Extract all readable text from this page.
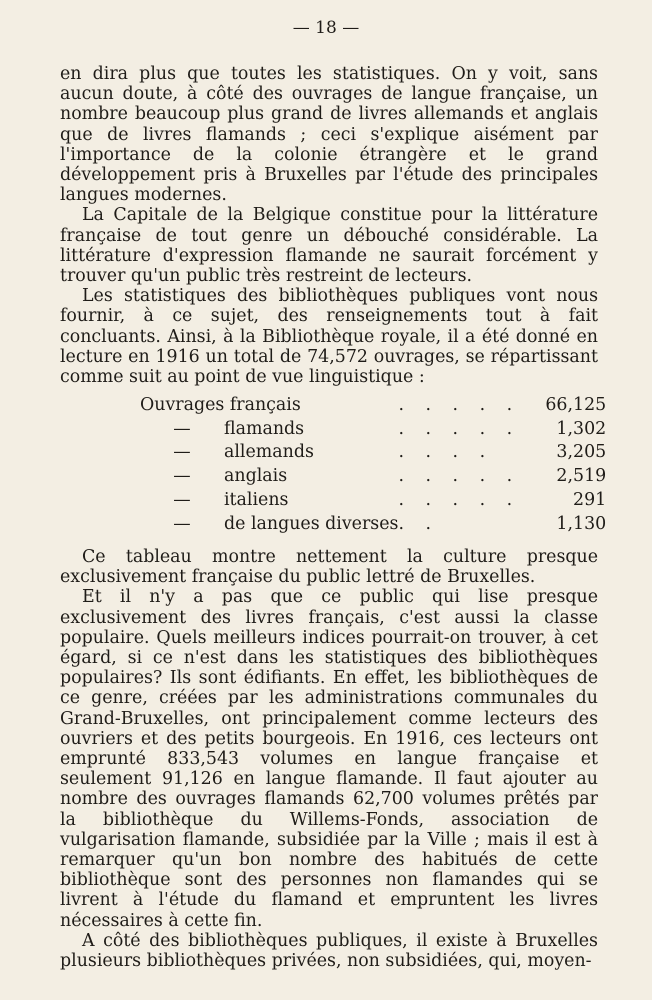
— 18 —

en dira plus que toutes les statistiques. On y voit, sans aucun doute, à côté des ouvrages de langue française, un nombre beaucoup plus grand de livres allemands et anglais que de livres flamands ; ceci s'explique aisément par l'importance de la colonie étrangère et le grand développement pris à Bruxelles par l'étude des principales langues modernes.

La Capitale de la Belgique constitue pour la littérature française de tout genre un débouché considérable. La littérature d'expression flamande ne saurait forcément y trouver qu'un public très restreint de lecteurs.

Les statistiques des bibliothèques publiques vont nous fournir, à ce sujet, des renseignements tout à fait concluants. Ainsi, à la Bibliothèque royale, il a été donné en lecture en 1916 un total de 74,572 ouvrages, se répartissant comme suit au point de vue linguistique :

Ouvrages français		. . . . .	66,125
—	flamands	. . . . .	1,302
—	allemands	. . . .	3,205
—	anglais	. . . . .	2,519
—	italiens	. . . . .	291
—	de langues diverses	. .	1,130

Ce tableau montre nettement la culture presque exclusivement française du public lettré de Bruxelles.

Et il n'y a pas que ce public qui lise presque exclusivement des livres français, c'est aussi la classe populaire. Quels meilleurs indices pourrait-on trouver, à cet égard, si ce n'est dans les statistiques des bibliothèques populaires? Ils sont édifiants. En effet, les bibliothèques de ce genre, créées par les administrations communales du Grand-Bruxelles, ont principalement comme lecteurs des ouvriers et des petits bourgeois. En 1916, ces lecteurs ont emprunté 833,543 volumes en langue française et seulement 91,126 en langue flamande. Il faut ajouter au nombre des ouvrages flamands 62,700 volumes prêtés par la bibliothèque du Willems-Fonds, association de vulgarisation flamande, subsidiée par la Ville ; mais il est à remarquer qu'un bon nombre des habitués de cette bibliothèque sont des personnes non flamandes qui se livrent à l'étude du flamand et empruntent les livres nécessaires à cette fin.

A côté des bibliothèques publiques, il existe à Bruxelles plusieurs bibliothèques privées, non subsidiées, qui, moyen-
